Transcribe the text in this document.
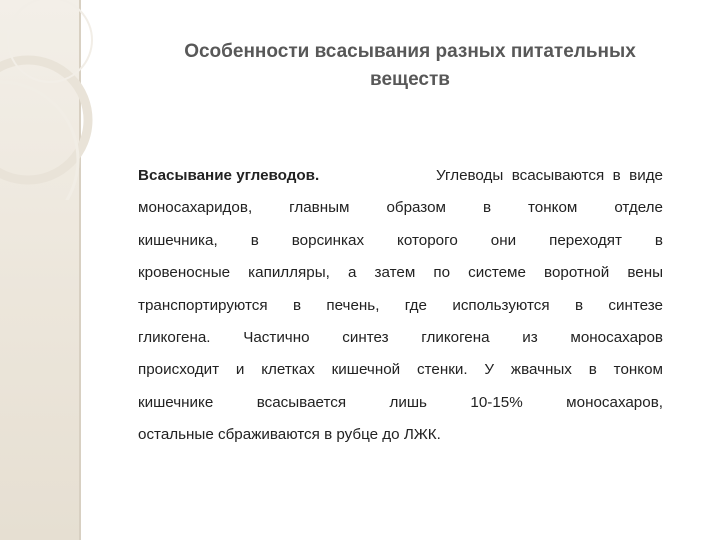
Особенности всасывания разных питательных
веществ
Всасывание углеводов.	Углеводы  всасываются  в  виде
моносахаридов, главным образом в тонком отделе
кишечника, в ворсинках которого они переходят в
кровеносные капилляры, а затем по системе воротной вены
транспортируются в печень, где используются в синтезе
гликогена. Частично синтез гликогена из моносахаров
происходит и клетках кишечной стенки. У жвачных в тонком
кишечнике всасывается лишь 10-15% моносахаров,
остальные сбраживаются в рубце до ЛЖК.
